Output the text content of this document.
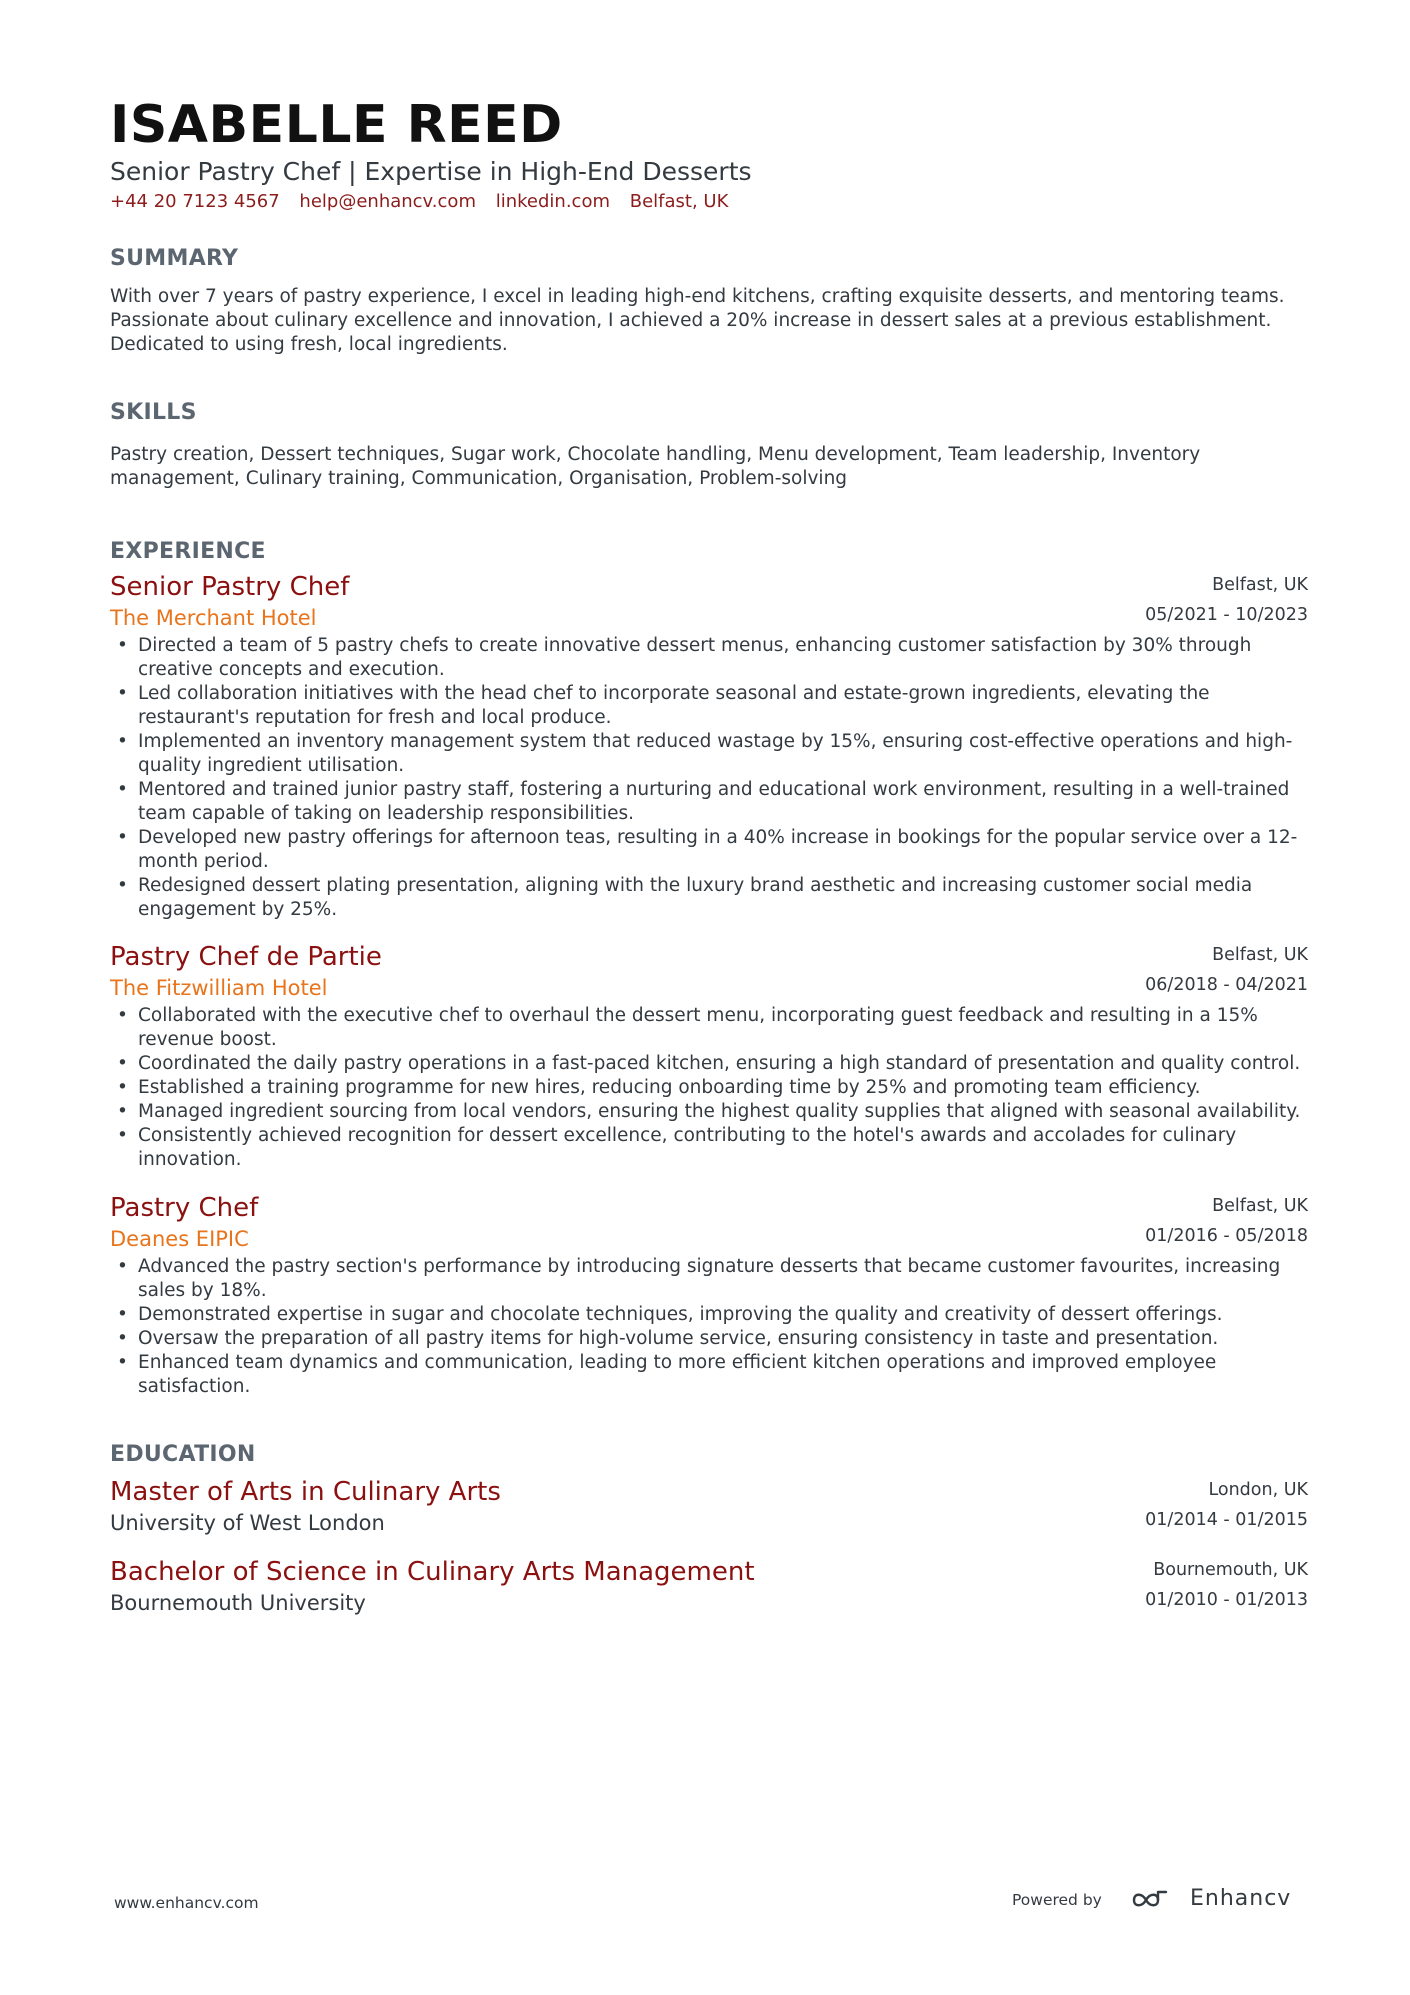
ISABELLE REED
Senior Pastry Chef | Expertise in High-End Desserts
+44 20 7123 4567 help@enhancv.com linkedin.com Belfast, UK
SUMMARY
With over 7 years of pastry experience, I excel in leading high-end kitchens, crafting exquisite desserts, and mentoring teams. Passionate about culinary excellence and innovation, I achieved a 20% increase in dessert sales at a previous establishment. Dedicated to using fresh, local ingredients.
SKILLS
Pastry creation, Dessert techniques, Sugar work, Chocolate handling, Menu development, Team leadership, Inventory management, Culinary training, Communication, Organisation, Problem-solving
EXPERIENCE
Senior Pastry Chef
The Merchant Hotel
Belfast, UK
05/2021 - 10/2023
• Directed a team of 5 pastry chefs to create innovative dessert menus, enhancing customer satisfaction by 30% through creative concepts and execution.
• Led collaboration initiatives with the head chef to incorporate seasonal and estate-grown ingredients, elevating the restaurant's reputation for fresh and local produce.
• Implemented an inventory management system that reduced wastage by 15%, ensuring cost-effective operations and high-quality ingredient utilisation.
• Mentored and trained junior pastry staff, fostering a nurturing and educational work environment, resulting in a well-trained team capable of taking on leadership responsibilities.
• Developed new pastry offerings for afternoon teas, resulting in a 40% increase in bookings for the popular service over a 12-month period.
• Redesigned dessert plating presentation, aligning with the luxury brand aesthetic and increasing customer social media engagement by 25%.
Pastry Chef de Partie
The Fitzwilliam Hotel
Belfast, UK
06/2018 - 04/2021
• Collaborated with the executive chef to overhaul the dessert menu, incorporating guest feedback and resulting in a 15% revenue boost.
• Coordinated the daily pastry operations in a fast-paced kitchen, ensuring a high standard of presentation and quality control.
• Established a training programme for new hires, reducing onboarding time by 25% and promoting team efficiency.
• Managed ingredient sourcing from local vendors, ensuring the highest quality supplies that aligned with seasonal availability.
• Consistently achieved recognition for dessert excellence, contributing to the hotel's awards and accolades for culinary innovation.
Pastry Chef
Deanes EIPIC
Belfast, UK
01/2016 - 05/2018
• Advanced the pastry section's performance by introducing signature desserts that became customer favourites, increasing sales by 18%.
• Demonstrated expertise in sugar and chocolate techniques, improving the quality and creativity of dessert offerings.
• Oversaw the preparation of all pastry items for high-volume service, ensuring consistency in taste and presentation.
• Enhanced team dynamics and communication, leading to more efficient kitchen operations and improved employee satisfaction.
EDUCATION
Master of Arts in Culinary Arts
University of West London
London, UK
01/2014 - 01/2015
Bachelor of Science in Culinary Arts Management
Bournemouth University
Bournemouth, UK
01/2010 - 01/2013
www.enhancv.com	Powered by	Enhancv
